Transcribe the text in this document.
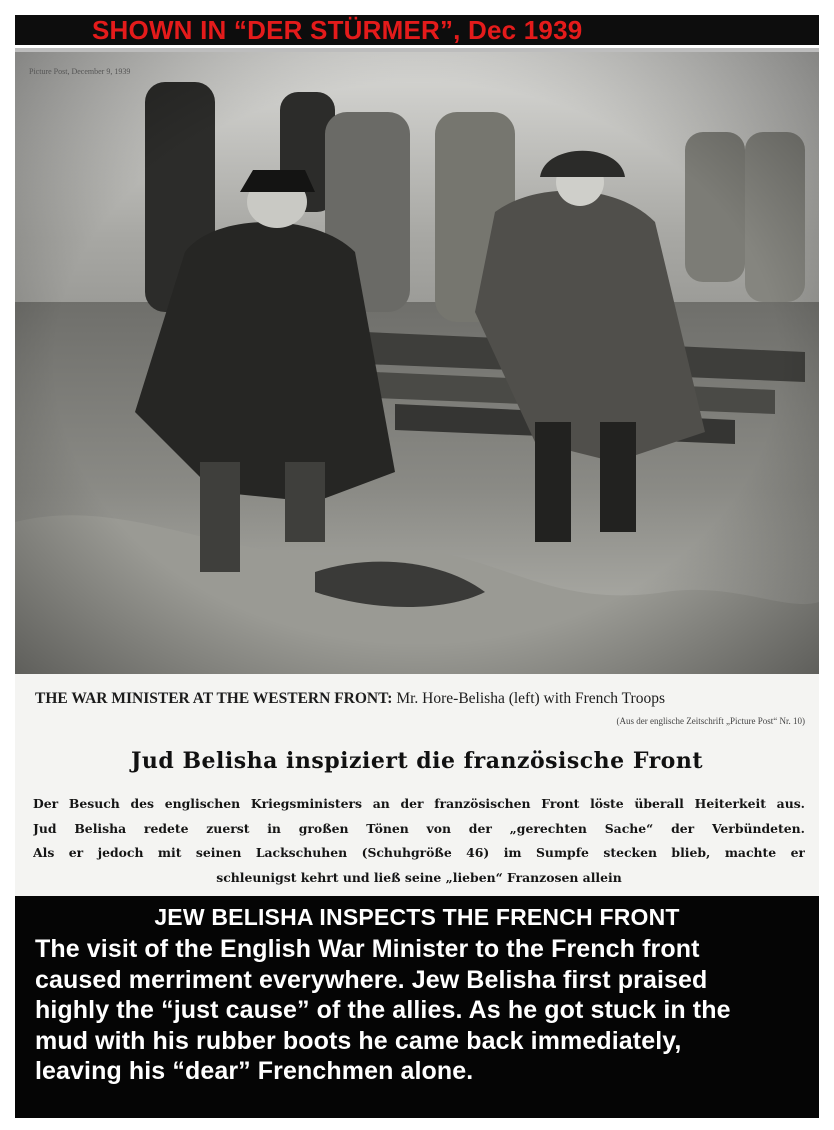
SHOWN IN “DER STÜRMER”, Dec 1939
Picture Post, December 9, 1939
THE WAR MINISTER AT THE WESTERN FRONT: Mr. Hore-Belisha (left) with French Troops
(Aus der englische Zeitschrift „Picture Post“ Nr. 10)
Jud Belisha inspiziert die französische Front
Der Besuch des englischen Kriegsministers an der französischen Front löste überall Heiterkeit aus.
Jud Belisha redete zuerst in großen Tönen von der „gerechten Sache“ der Verbündeten.
Als er jedoch mit seinen Lackschuhen (Schuhgröße 46) im Sumpfe stecken blieb, machte er
schleunigst kehrt und ließ seine „lieben“ Franzosen allein
JEW BELISHA INSPECTS THE FRENCH FRONT
The visit of the English War Minister to the French front
caused merriment everywhere. Jew Belisha first praised
highly the “just cause” of the allies. As he got stuck in the
mud with his rubber boots he came back immediately,
leaving his “dear” Frenchmen alone.
